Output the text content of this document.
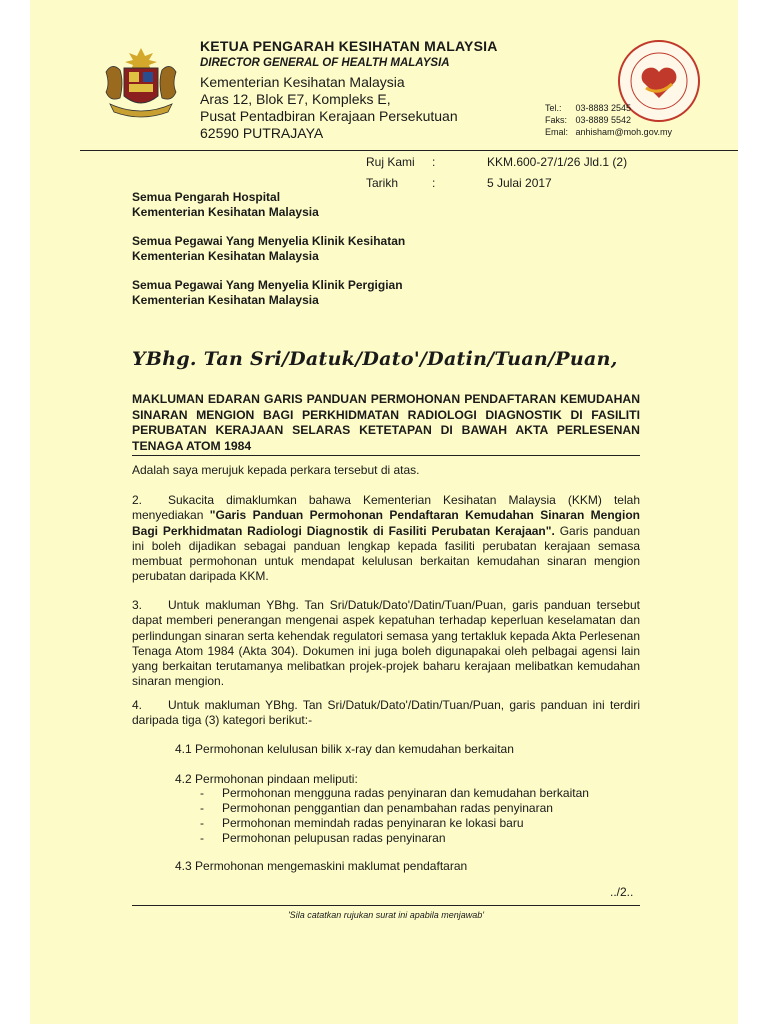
KETUA PENGARAH KESIHATAN MALAYSIA
DIRECTOR GENERAL OF HEALTH MALAYSIA
Kementerian Kesihatan Malaysia
Aras 12, Blok E7, Kompleks E,
Pusat Pentadbiran Kerajaan Persekutuan
62590 PUTRAJAYA
Tel.: 03-8883 2545
Faks: 03-8889 5542
Emal: anhisham@moh.gov.my
Ruj Kami :	KKM.600-27/1/26 Jld.1 (2)
Tarikh	:	5 Julai 2017
Semua Pengarah Hospital
Kementerian Kesihatan Malaysia
Semua Pegawai Yang Menyelia Klinik Kesihatan
Kementerian Kesihatan Malaysia
Semua Pegawai Yang Menyelia Klinik Pergigian
Kementerian Kesihatan Malaysia
YBhg. Tan Sri/Datuk/Dato'/Datin/Tuan/Puan,
MAKLUMAN EDARAN GARIS PANDUAN PERMOHONAN PENDAFTARAN KEMUDAHAN SINARAN MENGION BAGI PERKHIDMATAN RADIOLOGI DIAGNOSTIK DI FASILITI PERUBATAN KERAJAAN SELARAS KETETAPAN DI BAWAH AKTA PERLESENAN TENAGA ATOM 1984
Adalah saya merujuk kepada perkara tersebut di atas.
2. Sukacita dimaklumkan bahawa Kementerian Kesihatan Malaysia (KKM) telah menyediakan "Garis Panduan Permohonan Pendaftaran Kemudahan Sinaran Mengion Bagi Perkhidmatan Radiologi Diagnostik di Fasiliti Perubatan Kerajaan". Garis panduan ini boleh dijadikan sebagai panduan lengkap kepada fasiliti perubatan kerajaan semasa membuat permohonan untuk mendapat kelulusan berkaitan kemudahan sinaran mengion perubatan daripada KKM.
3. Untuk makluman YBhg. Tan Sri/Datuk/Dato'/Datin/Tuan/Puan, garis panduan tersebut dapat memberi penerangan mengenai aspek kepatuhan terhadap keperluan keselamatan dan perlindungan sinaran serta kehendak regulatori semasa yang tertakluk kepada Akta Perlesenan Tenaga Atom 1984 (Akta 304). Dokumen ini juga boleh digunapakai oleh pelbagai agensi lain yang berkaitan terutamanya melibatkan projek-projek baharu kerajaan melibatkan kemudahan sinaran mengion.
4. Untuk makluman YBhg. Tan Sri/Datuk/Dato'/Datin/Tuan/Puan, garis panduan ini terdiri daripada tiga (3) kategori berikut:-
4.1 Permohonan kelulusan bilik x-ray dan kemudahan berkaitan
4.2 Permohonan pindaan meliputi:
- Permohonan mengguna radas penyinaran dan kemudahan berkaitan
- Permohonan penggantian dan penambahan radas penyinaran
- Permohonan memindah radas penyinaran ke lokasi baru
- Permohonan pelupusan radas penyinaran
4.3 Permohonan mengemaskini maklumat pendaftaran
../2..
'Sila catatkan rujukan surat ini apabila menjawab'
